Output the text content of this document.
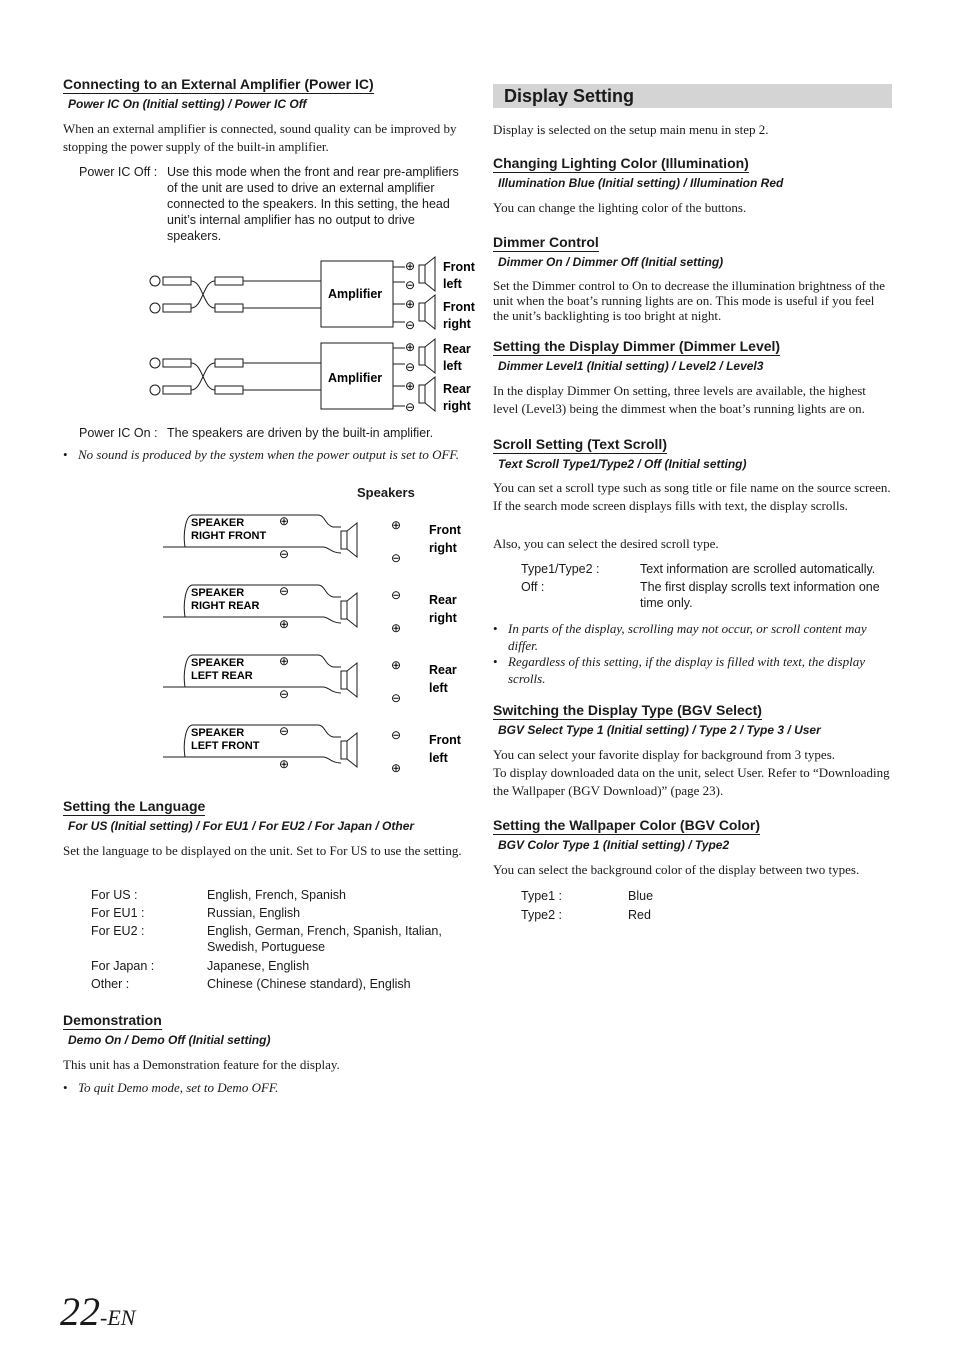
Connecting to an External Amplifier (Power IC)
Power IC On (Initial setting) / Power IC Off
When an external amplifier is connected, sound quality can be improved by stopping the power supply of the built-in amplifier.
Power IC Off : Use this mode when the front and rear pre-amplifiers of the unit are used to drive an external amplifier connected to the speakers. In this setting, the head unit’s internal amplifier has no output to drive speakers.
Amplifier
Amplifier
⊕
⊖
⊕
⊖
⊕
⊖
⊕
⊖
Front
left
Front
right
Rear
left
Rear
right
Power IC On : The speakers are driven by the built-in amplifier.
• No sound is produced by the system when the power output is set to OFF.
Speakers
SPEAKER
RIGHT FRONT
⊕
⊖
⊕
⊖
Front
right
SPEAKER
RIGHT REAR
⊖
⊕
⊖
⊕
Rear
right
SPEAKER
LEFT REAR
⊕
⊖
⊕
⊖
Rear
left
SPEAKER
LEFT FRONT
⊖
⊕
⊖
⊕
Front
left
Setting the Language
For US (Initial setting) / For EU1 / For EU2 / For Japan / Other
Set the language to be displayed on the unit. Set to For US to use the setting.
For US :	English, French, Spanish
For EU1 :	Russian, English
For EU2 :	English, German, French, Spanish, Italian, Swedish, Portuguese
For Japan :	Japanese, English
Other :	Chinese (Chinese standard), English
Demonstration
Demo On / Demo Off (Initial setting)
This unit has a Demonstration feature for the display.
• To quit Demo mode, set to Demo OFF.
Display Setting
Display is selected on the setup main menu in step 2.
Changing Lighting Color (Illumination)
Illumination Blue (Initial setting) / Illumination Red
You can change the lighting color of the buttons.
Dimmer Control
Dimmer On / Dimmer Off (Initial setting)
Set the Dimmer control to On to decrease the illumination brightness of the unit when the boat’s running lights are on. This mode is useful if you feel the unit’s backlighting is too bright at night.
Setting the Display Dimmer (Dimmer Level)
Dimmer Level1 (Initial setting) / Level2 / Level3
In the display Dimmer On setting, three levels are available, the highest level (Level3) being the dimmest when the boat’s running lights are on.
Scroll Setting (Text Scroll)
Text Scroll Type1/Type2 / Off (Initial setting)
You can set a scroll type such as song title or file name on the source screen. If the search mode screen displays fills with text, the display scrolls.
Also, you can select the desired scroll type.
Type1/Type2 :	Text information are scrolled automatically.
Off :	The first display scrolls text information one time only.
• In parts of the display, scrolling may not occur, or scroll content may differ.
• Regardless of this setting, if the display is filled with text, the display scrolls.
Switching the Display Type (BGV Select)
BGV Select Type 1 (Initial setting) / Type 2 / Type 3 / User
You can select your favorite display for background from 3 types.
To display downloaded data on the unit, select User. Refer to “Downloading the Wallpaper (BGV Download)” (page 23).
Setting the Wallpaper Color (BGV Color)
BGV Color Type 1 (Initial setting) / Type2
You can select the background color of the display between two types.
Type1 :	Blue
Type2 :	Red
22-EN
